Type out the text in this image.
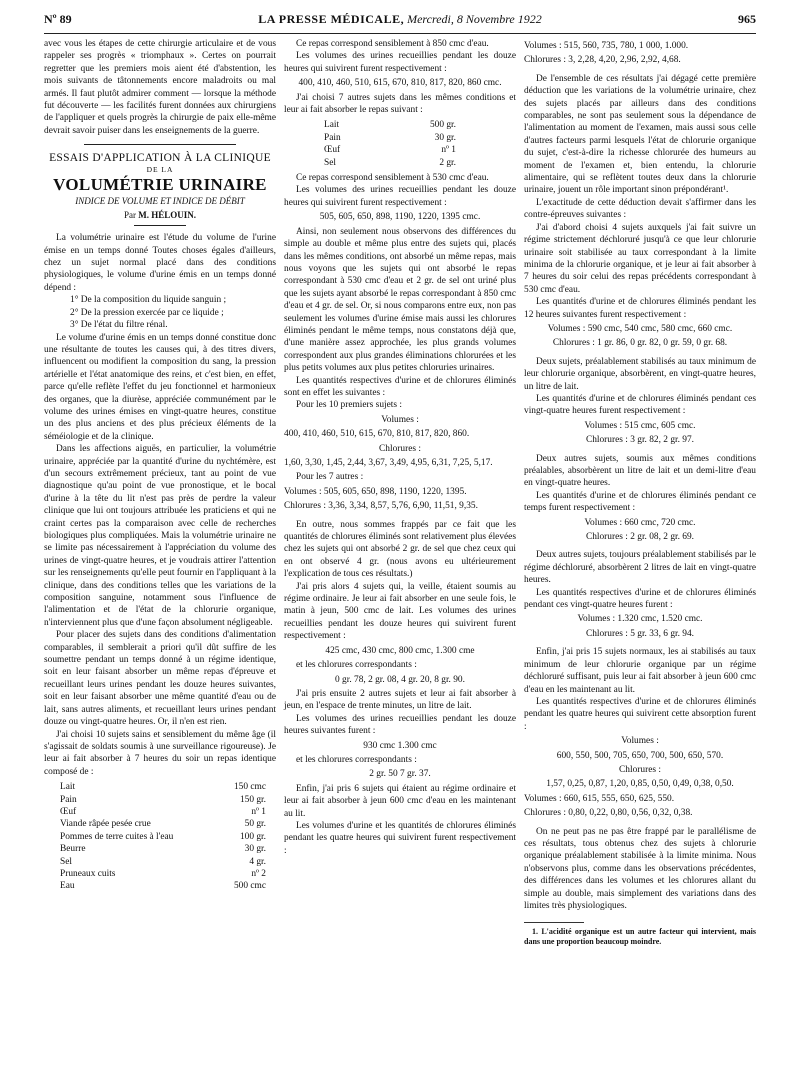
Nº 89	LA PRESSE MÉDICALE, Mercredi, 8 Novembre 1922	965

avec vous les étapes de cette chirurgie articulaire et de vous rappeler ses progrès « triomphaux ». Certes on pourrait regretter que les premiers mois aient été d'abstention, les mois suivants de tâtonnements encore maladroits ou mal armés. Il faut plutôt admirer comment — lorsque la méthode fut découverte — les facilités furent données aux chirurgiens de l'appliquer et quels progrès la chirurgie de paix elle-même devrait savoir puiser dans les enseignements de la guerre.

ESSAIS D'APPLICATION À LA CLINIQUE
DE LA
VOLUMÉTRIE URINAIRE
INDICE DE VOLUME ET INDICE DE DÉBIT
Par M. HÉLOUIN.

La volumétrie urinaire est l'étude du volume de l'urine émise en un temps donné Toutes choses égales d'ailleurs, chez un sujet normal placé dans des conditions physiologiques, le volume d'urine émis en un temps donné dépend :

1° De la composition du liquide sanguin ;
2° De la pression exercée par ce liquide ;
3° De l'état du filtre rénal.

Le volume d'urine émis en un temps donné constitue donc une résultante de toutes les causes qui, à des titres divers, influencent ou modifient la composition du sang, la pression artérielle et l'état anatomique des reins, et c'est bien, en effet, parce qu'elle reflète l'effet du jeu fonctionnel et harmonieux des organes, que la diurèse, appréciée communément par le volume des urines émises en vingt-quatre heures, constitue un des plus anciens et des plus précieux éléments de la séméiologie et de la clinique.

Dans les affections aiguës, en particulier, la volumétrie urinaire, appréciée par la quantité d'urine du nychtémère, est d'un secours extrêmement précieux, tant au point de vue diagnostique qu'au point de vue pronostique, et le bocal d'urine à la tête du lit n'est pas près de perdre la valeur clinique que lui ont toujours attribuée les praticiens et qui ne craint certes pas la comparaison avec celle de recherches biologiques plus compliquées. Mais la volumétrie urinaire ne se limite pas nécessairement à l'appréciation du volume des urines de vingt-quatre heures, et je voudrais attirer l'attention sur les renseignements qu'elle peut fournir en l'appliquant à la clinique, dans des conditions telles que les variations de la composition sanguine, notamment sous l'influence de l'alimentation et de l'état de la chlorurie organique, n'interviennent plus que d'une façon absolument négligeable.

Pour placer des sujets dans des conditions d'alimentation comparables, il semblerait a priori qu'il dût suffire de les soumettre pendant un temps donné à un régime identique, soit en leur faisant absorber un même repas d'épreuve et recueillant leurs urines pendant les douze heures suivantes, soit en leur faisant absorber une même quantité d'eau ou de lait, sans autres aliments, et recueillant leurs urines pendant douze ou vingt-quatre heures. Or, il n'en est rien.

J'ai choisi 10 sujets sains et sensiblement du même âge (il s'agissait de soldats soumis à une surveillance rigoureuse). Je leur ai fait absorber à 7 heures du soir un repas identique composé de :

Lait	150 cmc
Pain	150 gr.
Œuf	nº 1
Viande râpée pesée crue	50 gr.
Pommes de terre cuites à l'eau	100 gr.
Beurre	30 gr.
Sel	4 gr.
Pruneaux cuits	nº 2
Eau	500 cmc

Ce repas correspond sensiblement à 850 cmc d'eau.

Les volumes des urines recueillies pendant les douze heures qui suivirent furent respectivement :

400, 410, 460, 510, 615, 670, 810, 817, 820, 860 cmc.

J'ai choisi 7 autres sujets dans les mêmes conditions et leur ai fait absorber le repas suivant :

Lait	500 gr.
Pain	30 gr.
Œuf	nº 1
Sel	2 gr.

Ce repas correspond sensiblement à 530 cmc d'eau.

Les volumes des urines recueillies pendant les douze heures qui suivirent furent respectivement :

505, 605, 650, 898, 1190, 1220, 1395 cmc.

Ainsi, non seulement nous observons des différences du simple au double et même plus entre des sujets qui, placés dans les mêmes conditions, ont absorbé un même repas, mais nous voyons que les sujets qui ont absorbé le repas correspondant à 530 cmc d'eau et 2 gr. de sel ont uriné plus que les sujets ayant absorbé le repas correspondant à 850 cmc d'eau et 4 gr. de sel. Or, si nous comparons entre eux, non pas seulement les volumes d'urine émise mais aussi les chlorures éliminés pendant le même temps, nous constatons déjà que, d'une manière assez approchée, les plus grands volumes correspondent aux plus grandes éliminations chlorurées et les plus petits volumes aux plus petites chloruries urinaires.

Les quantités respectives d'urine et de chlorures éliminés sont en effet les suivantes :

Pour les 10 premiers sujets :

Volumes :
400, 410, 460, 510, 615, 670, 810, 817, 820, 860.
Chlorures :
1,60, 3,30, 1,45, 2,44, 3,67, 3,49, 4,95, 6,31, 7,25, 5,17.

Pour les 7 autres :

Volumes : 505, 605, 650, 898, 1190, 1220, 1395.
Chlorures : 3,36, 3,34, 8,57, 5,76, 6,90, 11,51, 9,35.

En outre, nous sommes frappés par ce fait que les quantités de chlorures éliminés sont relativement plus élevées chez les sujets qui ont absorbé 2 gr. de sel que chez ceux qui en ont observé 4 gr. (nous avons eu ultérieurement l'explication de tous ces résultats.)

J'ai pris alors 4 sujets qui, la veille, étaient soumis au régime ordinaire. Je leur ai fait absorber en une seule fois, le matin à jeun, 500 cmc de lait. Les volumes des urines recueillies pendant les douze heures qui suivirent furent respectivement :

425 cmc, 430 cmc, 800 cmc, 1.300 cme

et les chlorures correspondants :

0 gr. 78, 2 gr. 08, 4 gr. 20, 8 gr. 90.

J'ai pris ensuite 2 autres sujets et leur ai fait absorber à jeun, en l'espace de trente minutes, un litre de lait.

Les volumes des urines recueillies pendant les douze heures suivantes furent :

930 cmc 1.300 cmc

et les chlorures correspondants :

2 gr. 50 7 gr. 37.

Enfin, j'ai pris 6 sujets qui étaient au régime ordinaire et leur ai fait absorber à jeun 600 cmc d'eau en les maintenant au lit.

Les volumes d'urine et les quantités de chlorures éliminés pendant les quatre heures qui suivirent furent respectivement :

Volumes : 515, 560, 735, 780, 1 000, 1.000.
Chlorures : 3, 2,28, 4,20, 2,96, 2,92, 4,68.

De l'ensemble de ces résultats j'ai dégagé cette première déduction que les variations de la volumétrie urinaire, chez des sujets placés par ailleurs dans des conditions comparables, ne sont pas seulement sous la dépendance de l'alimentation au moment de l'examen, mais aussi sous celle d'autres facteurs parmi lesquels l'état de chlorurie organique du sujet, c'est-à-dire la richesse chlorurée des humeurs au moment de l'examen et, bien entendu, la chlorurie alimentaire, qui se reflètent toutes deux dans la chlorurie urinaire, jouent un rôle important sinon prépondérant¹.

L'exactitude de cette déduction devait s'affirmer dans les contre-épreuves suivantes :

J'ai d'abord choisi 4 sujets auxquels j'ai fait suivre un régime strictement déchloruré jusqu'à ce que leur chlorurie urinaire soit stabilisée au taux correspondant à la limite minima de la chlorurie organique, et je leur ai fait absorber à 7 heures du soir celui des repas précédents correspondant à 530 cmc d'eau.

Les quantités d'urine et de chlorures éliminés pendant les 12 heures suivantes furent respectivement :

Volumes : 590 cmc, 540 cmc, 580 cmc, 660 cmc.
Chlorures : 1 gr. 86, 0 gr. 82, 0 gr. 59, 0 gr. 68.

Deux sujets, préalablement stabilisés au taux minimum de leur chlorurie organique, absorbèrent, en vingt-quatre heures, un litre de lait.

Les quantités d'urine et de chlorures éliminés pendant ces vingt-quatre heures furent respectivement :

Volumes : 515 cmc, 605 cmc.
Chlorures : 3 gr. 82, 2 gr. 97.

Deux autres sujets, soumis aux mêmes conditions préalables, absorbèrent un litre de lait et un demi-litre d'eau en vingt-quatre heures.

Les quantités d'urine et de chlorures éliminés pendant ce temps furent respectivement :

Volumes : 660 cmc, 720 cmc.
Chlorures : 2 gr. 08, 2 gr. 69.

Deux autres sujets, toujours préalablement stabilisés par le régime déchloruré, absorbèrent 2 litres de lait en vingt-quatre heures.

Les quantités respectives d'urine et de chlorures éliminés pendant ces vingt-quatre heures furent :

Volumes : 1.320 cmc, 1.520 cmc.
Chlorures : 5 gr. 33, 6 gr. 94.

Enfin, j'ai pris 15 sujets normaux, les ai stabilisés au taux minimum de leur chlorurie organique par un régime déchloruré suffisant, puis leur ai fait absorber à jeun 600 cmc d'eau en les maintenant au lit.

Les quantités respectives d'urine et de chlorures éliminés pendant les quatre heures qui suivirent cette absorption furent :

Volumes :
600, 550, 500, 705, 650, 700, 500, 650, 570.
Chlorures :
1,57, 0,25, 0,87, 1,20, 0,85, 0,50, 0,49, 0,38, 0,50.
Volumes : 660, 615, 555, 650, 625, 550.
Chlorures : 0,80, 0,22, 0,80, 0,56, 0,32, 0,38.

On ne peut pas ne pas être frappé par le parallélisme de ces résultats, tous obtenus chez des sujets à chlorurie organique préalablement stabilisée à la limite minima. Nous n'observons plus, comme dans les observations précédentes, des différences dans les volumes et les chlorures allant du simple au double, mais simplement des variations dans des limites très physiologiques.

1. L'acidité organique est un autre facteur qui intervient, mais dans une proportion beaucoup moindre.
